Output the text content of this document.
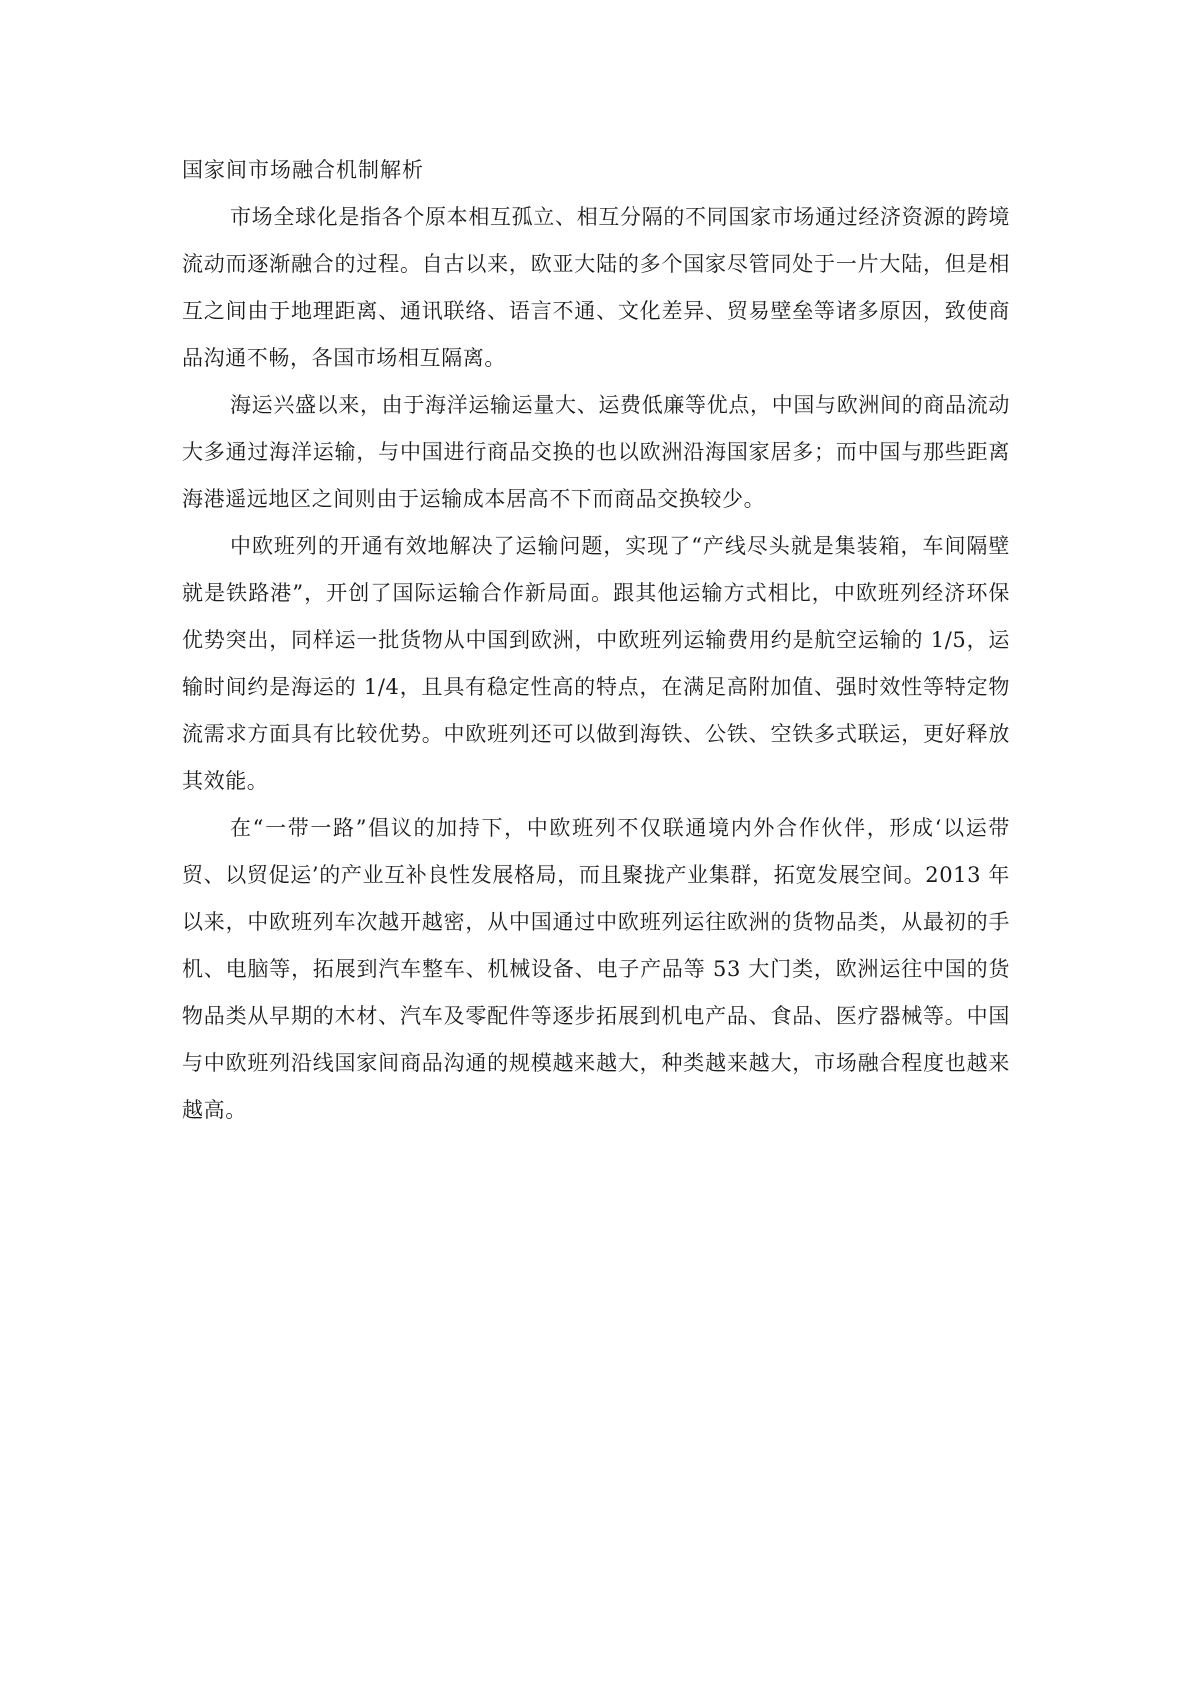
国家间市场融合机制解析

市场全球化是指各个原本相互孤立、相互分隔的不同国家市场通过经济资源的跨境流动而逐渐融合的过程。自古以来，欧亚大陆的多个国家尽管同处于一片大陆，但是相互之间由于地理距离、通讯联络、语言不通、文化差异、贸易壁垒等诸多原因，致使商品沟通不畅，各国市场相互隔离。

海运兴盛以来，由于海洋运输运量大、运费低廉等优点，中国与欧洲间的商品流动大多通过海洋运输，与中国进行商品交换的也以欧洲沿海国家居多；而中国与那些距离海港遥远地区之间则由于运输成本居高不下而商品交换较少。

中欧班列的开通有效地解决了运输问题，实现了“产线尽头就是集装箱，车间隔壁就是铁路港”，开创了国际运输合作新局面。跟其他运输方式相比，中欧班列经济环保优势突出，同样运一批货物从中国到欧洲，中欧班列运输费用约是航空运输的 1/5，运输时间约是海运的 1/4，且具有稳定性高的特点，在满足高附加值、强时效性等特定物流需求方面具有比较优势。中欧班列还可以做到海铁、公铁、空铁多式联运，更好释放其效能。

在“一带一路”倡议的加持下，中欧班列不仅联通境内外合作伙伴，形成‘以运带贸、以贸促运’的产业互补良性发展格局，而且聚拢产业集群，拓宽发展空间。2013 年以来，中欧班列车次越开越密，从中国通过中欧班列运往欧洲的货物品类，从最初的手机、电脑等，拓展到汽车整车、机械设备、电子产品等 53 大门类，欧洲运往中国的货物品类从早期的木材、汽车及零配件等逐步拓展到机电产品、食品、医疗器械等。中国与中欧班列沿线国家间商品沟通的规模越来越大，种类越来越大，市场融合程度也越来越高。
